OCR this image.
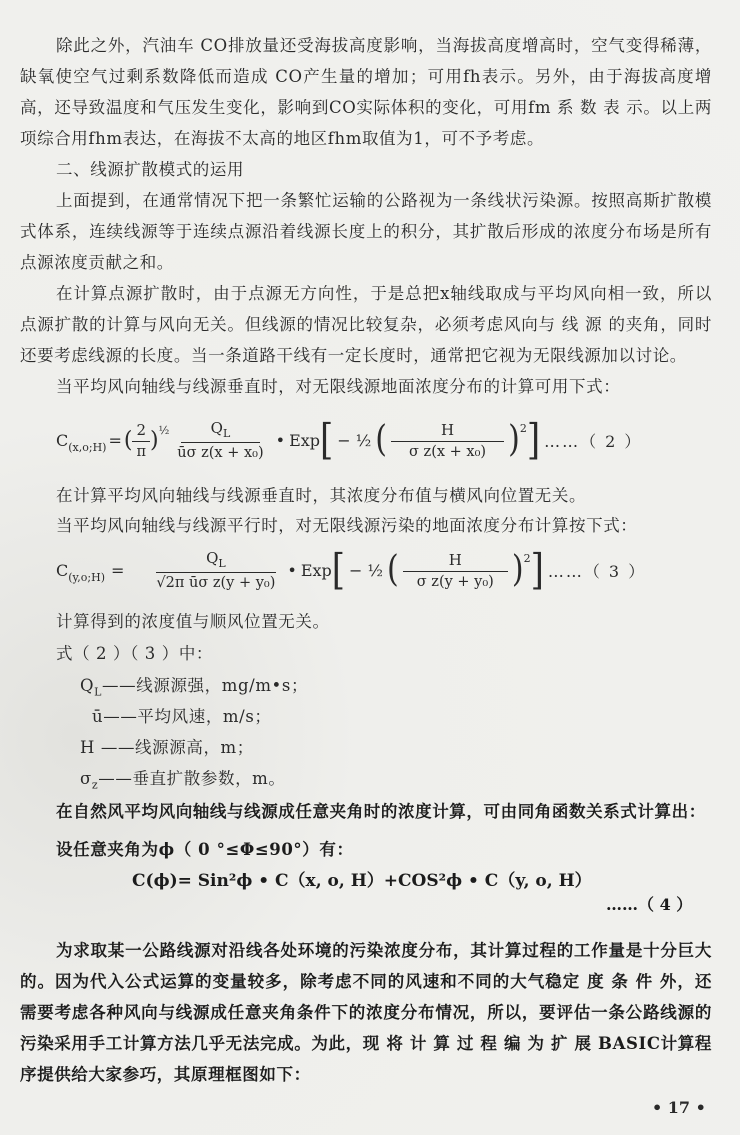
除此之外，汽油车 CO排放量还受海拔高度影响，当海拔高度增高时，空气变得稀薄，缺氧使空气过剩系数降低而造成 CO产生量的增加；可用fh表示。另外，由于海拔高度增高，还导致温度和气压发生变化，影响到CO实际体积的变化，可用fm 系 数 表 示。以上两项综合用fhm表达，在海拔不太高的地区fhm取值为1，可不予考虑。

二、线源扩散模式的运用

上面提到，在通常情况下把一条繁忙运输的公路视为一条线状污染源。按照高斯扩散模式体系，连续线源等于连续点源沿着线源长度上的积分，其扩散后形成的浓度分布场是所有点源浓度贡献之和。

在计算点源扩散时，由于点源无方向性，于是总把x轴线取成与平均风向相一致，所以点源扩散的计算与风向无关。但线源的情况比较复杂，必须考虑风向与 线 源 的夹角，同时还要考虑线源的长度。当一条道路干线有一定长度时，通常把它视为无限线源加以讨论。

当平均风向轴线与线源垂直时，对无限线源地面浓度分布的计算可用下式：

$C_{(x,o;H)}$ = ( $\frac{2}{\pi} )^{\frac{1}{2}} \frac{Q_L}{\text{ūσ z(x + x₀)}}$ • Exp [ − ½ ( $\frac{H}{\text{σ z(x + x₀)}} )^2$ ] ……（ 2 ）

在计算平均风向轴线与线源垂直时，其浓度分布值与横风向位置无关。

当平均风向轴线与线源平行时，对无限线源污染的地面浓度分布计算按下式：

$C_{(y,o;H)} = \frac{Q_L}{\text{√2π ūσ z(y + y₀)}}$ • Exp [ − ½ ( $\frac{H}{\text{σ z(y + y₀)}} )^2$ ] ……（ 3 ）

计算得到的浓度值与顺风位置无关。

式（ 2 ）（ 3 ）中：

$Q_L——$线源源强，mg/m•s；

ū——平均风速，m/s；

H ——线源源高，m；

$\sigma_z——$垂直扩散参数，m。

在自然风平均风向轴线与线源成任意夹角时的浓度计算，可由同角函数关系式计算出：

设任意夹角为ϕ（ 0 °≤Φ≤90°）有：

C(ϕ)= Sin²ϕ • C（x, o, H）+COS²ϕ • C（y, o, H）
……（ 4 ）

为求取某一公路线源对沿线各处环境的污染浓度分布，其计算过程的工作量是十分巨大的。因为代入公式运算的变量较多，除考虑不同的风速和不同的大气稳定 度 条 件 外，还需要考虑各种风向与线源成任意夹角条件下的浓度分布情况，所以，要评估一条公路线源的污染采用手工计算方法几乎无法完成。为此，现 将 计 算 过 程 编 为 扩 展 BASIC计算程序提供给大家参巧，其原理框图如下：

• 17 •
